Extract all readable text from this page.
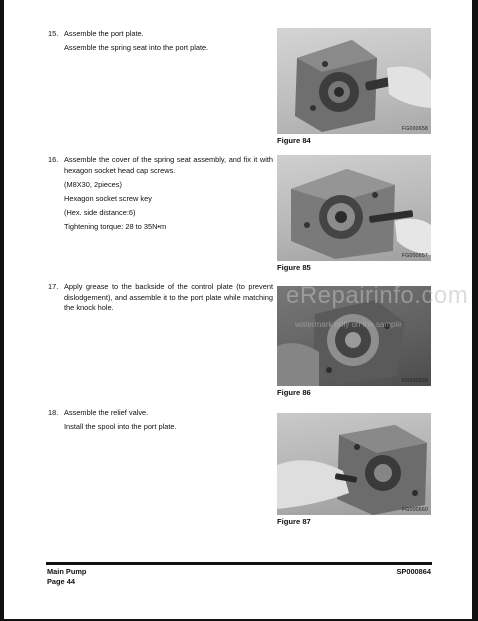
15. Assemble the port plate.

Assemble the spring seat into the port plate.

16. Assemble the cover of the spring seat assembly, and fix it with hexagon socket head cap screws.

(M8X30, 2pieces)

Hexagon socket screw key

(Hex. side distance:6)

Tightening torque: 28 to 35N•m

17. Apply grease to the backside of the control plate (to prevent dislodgement), and assemble it to the port plate while matching the knock hole.

18. Assemble the relief valve.

Install the spool into the port plate.

FG000658
Figure 84
FG000657
Figure 85
FG000659
Figure 86
FG000660
Figure 87
eRepairinfo.com
watermark only on the sample
Main Pump
Page 44
SP000864
